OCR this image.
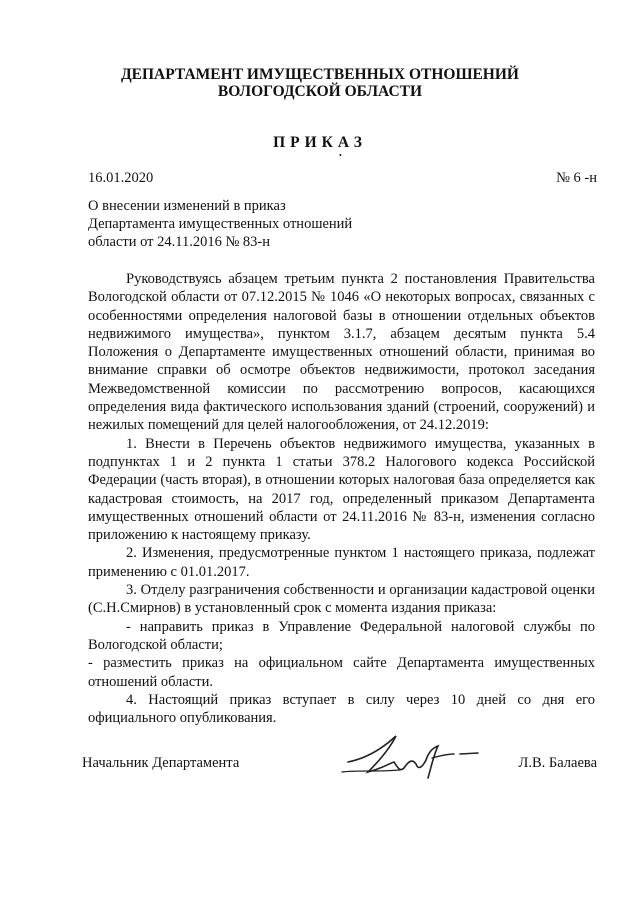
ДЕПАРТАМЕНТ ИМУЩЕСТВЕННЫХ ОТНОШЕНИЙ
ВОЛОГОДСКОЙ ОБЛАСТИ
ПРИКАЗ
•
16.01.2020	№ 6 -н
О внесении изменений в приказ
Департамента имущественных отношений
области от 24.11.2016 № 83-н

Руководствуясь абзацем третьим пункта 2 постановления Правительства Вологодской области от 07.12.2015 № 1046 «О некоторых вопросах, связанных с особенностями определения налоговой базы в отношении отдельных объектов недвижимого имущества», пунктом 3.1.7, абзацем десятым пункта 5.4 Положения о Департаменте имущественных отношений области, принимая во внимание справки об осмотре объектов недвижимости, протокол заседания Межведомственной комиссии по рассмотрению вопросов, касающихся определения вида фактического использования зданий (строений, сооружений) и нежилых помещений для целей налогообложения, от 24.12.2019:

1. Внести в Перечень объектов недвижимого имущества, указанных в подпунктах 1 и 2 пункта 1 статьи 378.2 Налогового кодекса Российской Федерации (часть вторая), в отношении которых налоговая база определяется как кадастровая стоимость, на 2017 год, определенный приказом Департамента имущественных отношений области от 24.11.2016 № 83-н, изменения согласно приложению к настоящему приказу.

2. Изменения, предусмотренные пунктом 1 настоящего приказа, подлежат применению с 01.01.2017.

3. Отделу разграничения собственности и организации кадастровой оценки (С.Н.Смирнов) в установленный срок с момента издания приказа:

- направить приказ в Управление Федеральной налоговой службы по Вологодской области;

- разместить приказ на официальном сайте Департамента имущественных отношений области.

4. Настоящий приказ вступает в силу через 10 дней со дня его официального опубликования.

Начальник Департамента	Л.В. Балаева
